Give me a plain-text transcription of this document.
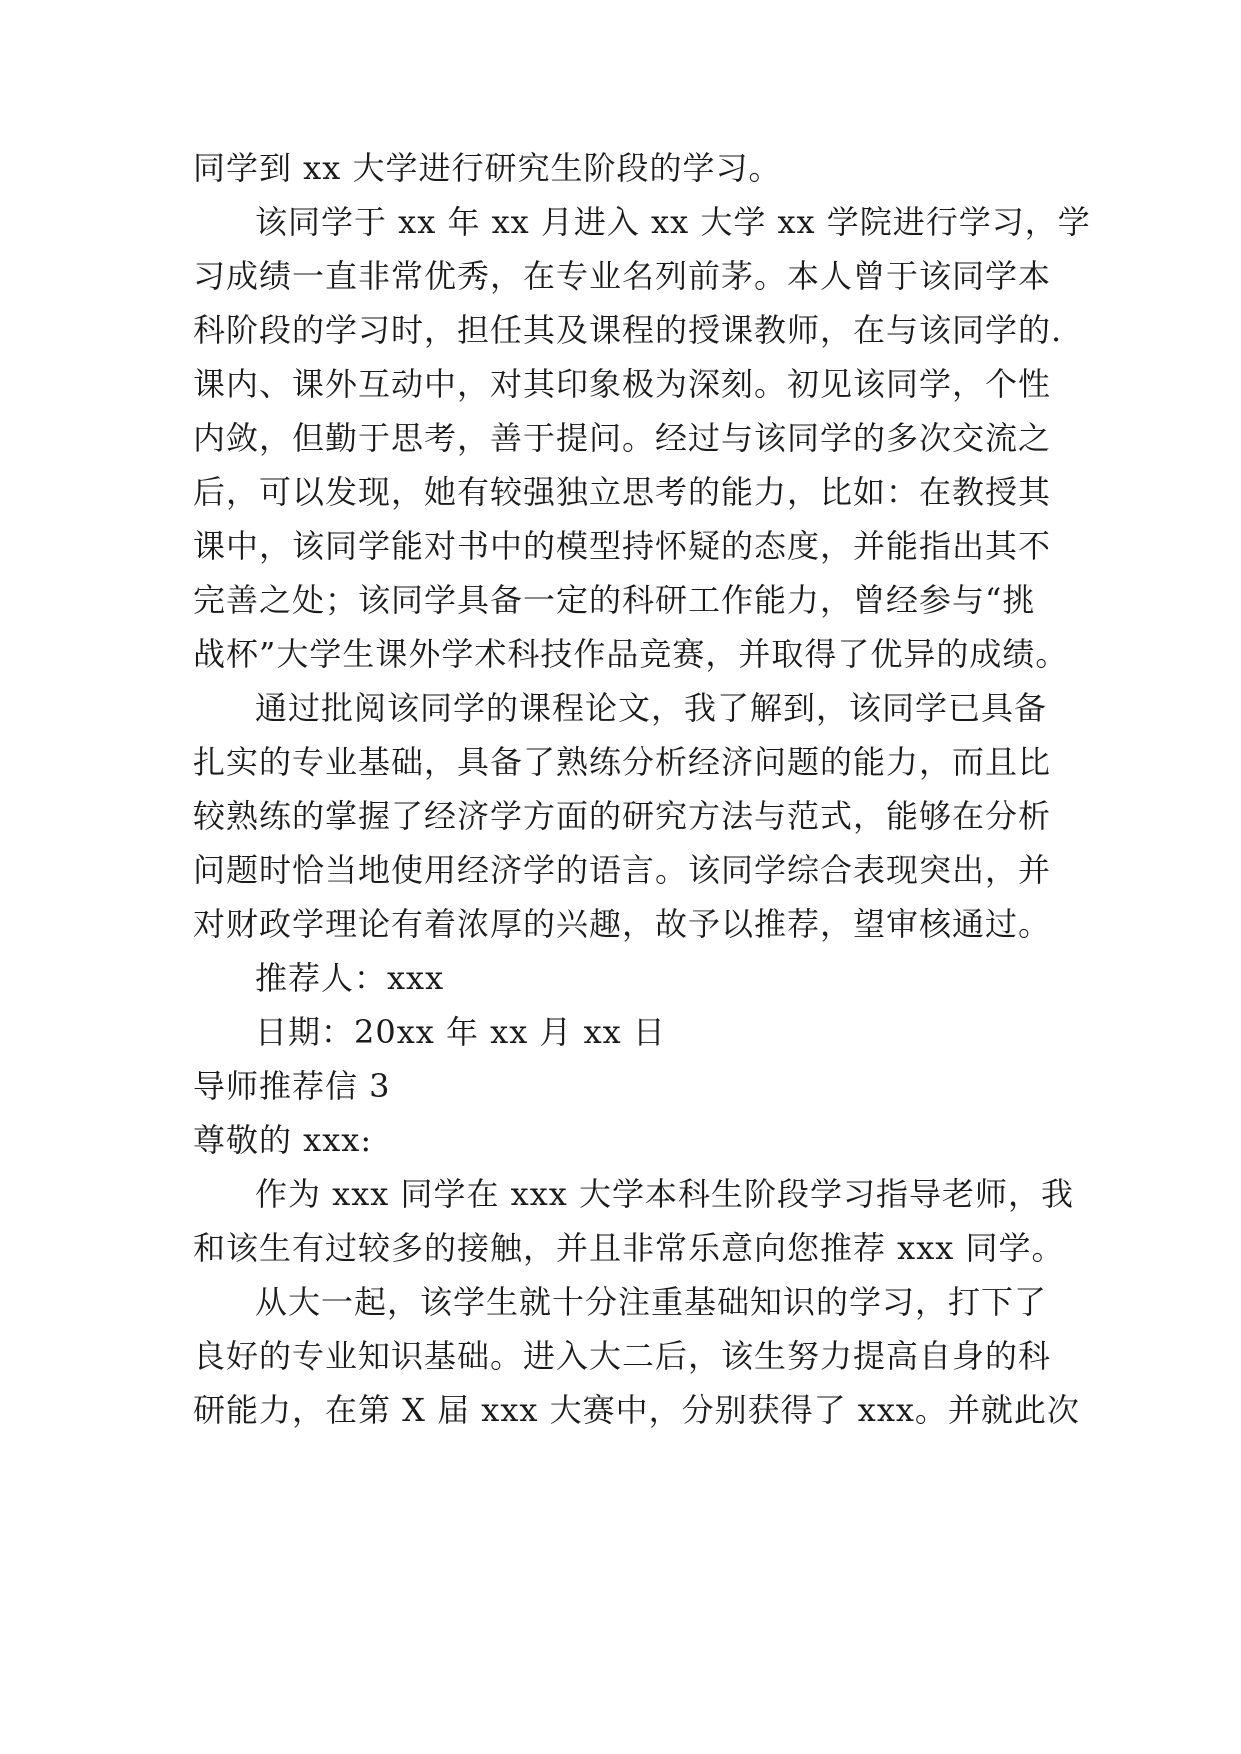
同学到 xx 大学进行研究生阶段的学习。
该同学于 xx 年 xx 月进入 xx 大学 xx 学院进行学习，学
习成绩一直非常优秀，在专业名列前茅。本人曾于该同学本
科阶段的学习时，担任其及课程的授课教师，在与该同学的.
课内、课外互动中，对其印象极为深刻。初见该同学，个性
内敛，但勤于思考，善于提问。经过与该同学的多次交流之
后，可以发现，她有较强独立思考的能力，比如：在教授其
课中，该同学能对书中的模型持怀疑的态度，并能指出其不
完善之处；该同学具备一定的科研工作能力，曾经参与“挑
战杯”大学生课外学术科技作品竞赛，并取得了优异的成绩。
通过批阅该同学的课程论文，我了解到，该同学已具备
扎实的专业基础，具备了熟练分析经济问题的能力，而且比
较熟练的掌握了经济学方面的研究方法与范式，能够在分析
问题时恰当地使用经济学的语言。该同学综合表现突出，并
对财政学理论有着浓厚的兴趣，故予以推荐，望审核通过。
推荐人：xxx
日期：20xx 年 xx 月 xx 日
导师推荐信 3
尊敬的 xxx:
作为 xxx 同学在 xxx 大学本科生阶段学习指导老师，我
和该生有过较多的接触，并且非常乐意向您推荐 xxx 同学。
从大一起，该学生就十分注重基础知识的学习，打下了
良好的专业知识基础。进入大二后，该生努力提高自身的科
研能力，在第 X 届 xxx 大赛中，分别获得了 xxx。并就此次
